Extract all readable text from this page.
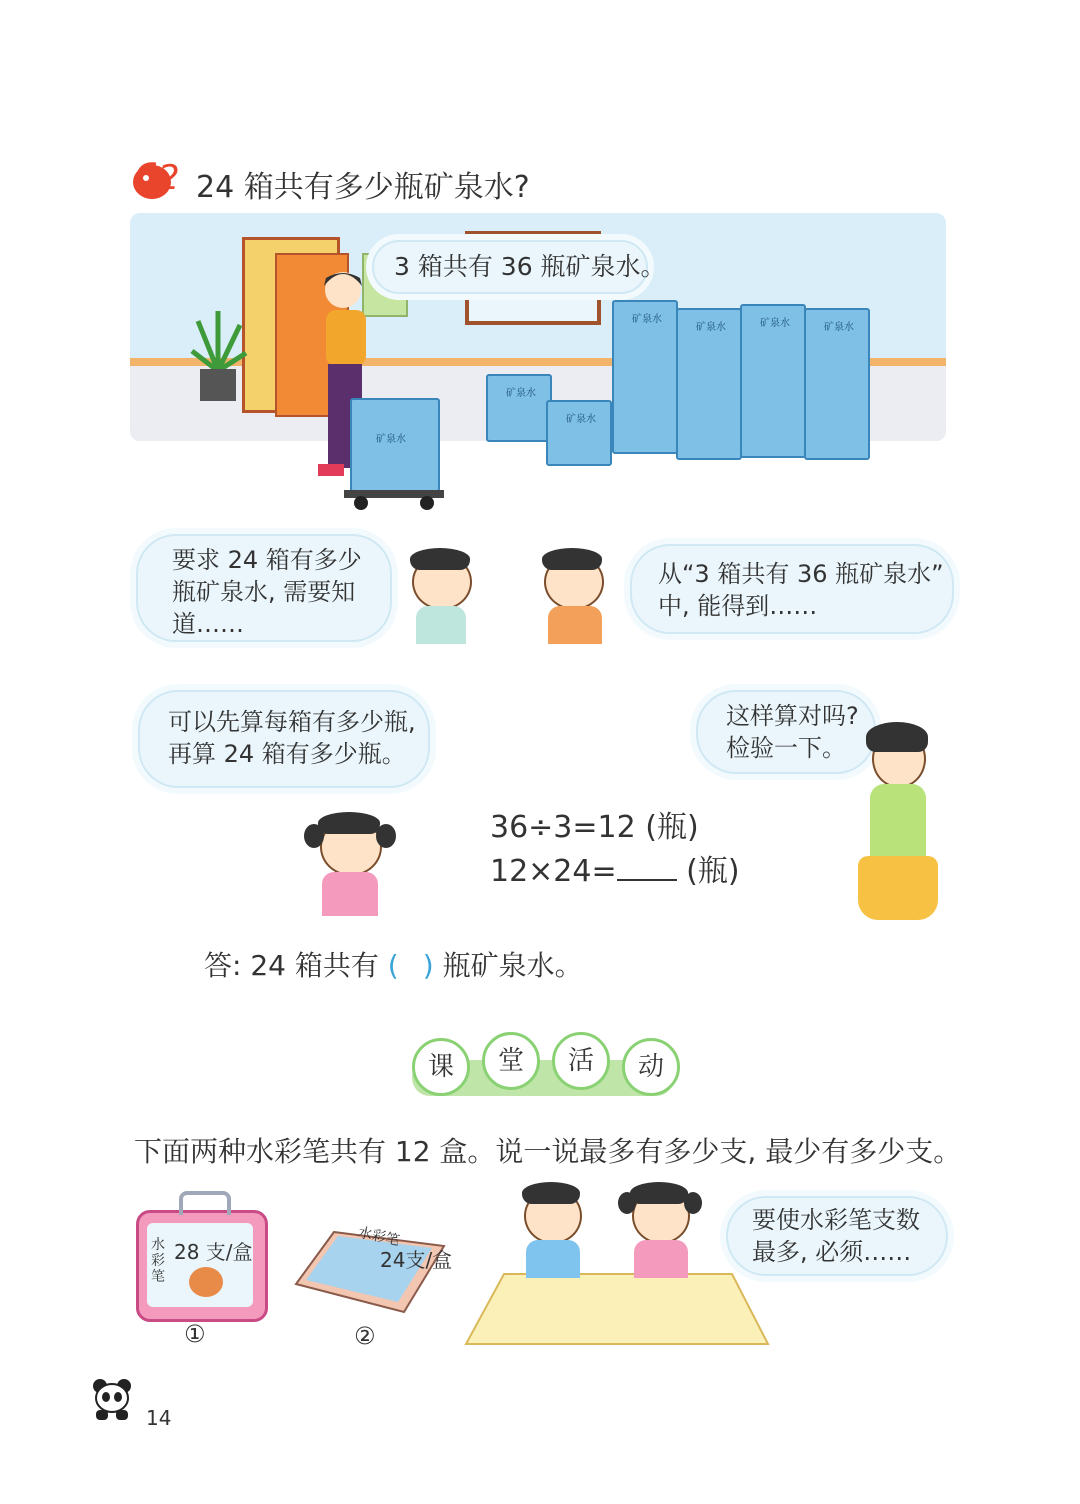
2 24 箱共有多少瓶矿泉水?
矿泉水
矿泉水
矿泉水
矿泉水
矿泉水	矿泉水	矿泉水
3 箱共有 36 瓶矿泉水。
要求 24 箱有多少
瓶矿泉水, 需要知
道……
从“3 箱共有 36 瓶矿泉水”
中, 能得到……
可以先算每箱有多少瓶,
再算 24 箱有多少瓶。
36÷3=12 (瓶)
12×24= (瓶)
这样算对吗?
检验一下。
答: 24 箱共有 ( ) 瓶矿泉水。
课	堂	活	动
下面两种水彩笔共有 12 盒。说一说最多有多少支, 最少有多少支。
水
彩
笔
28 支/盒
①
水彩笔
24支/盒
②
要使水彩笔支数
最多, 必须……
14
